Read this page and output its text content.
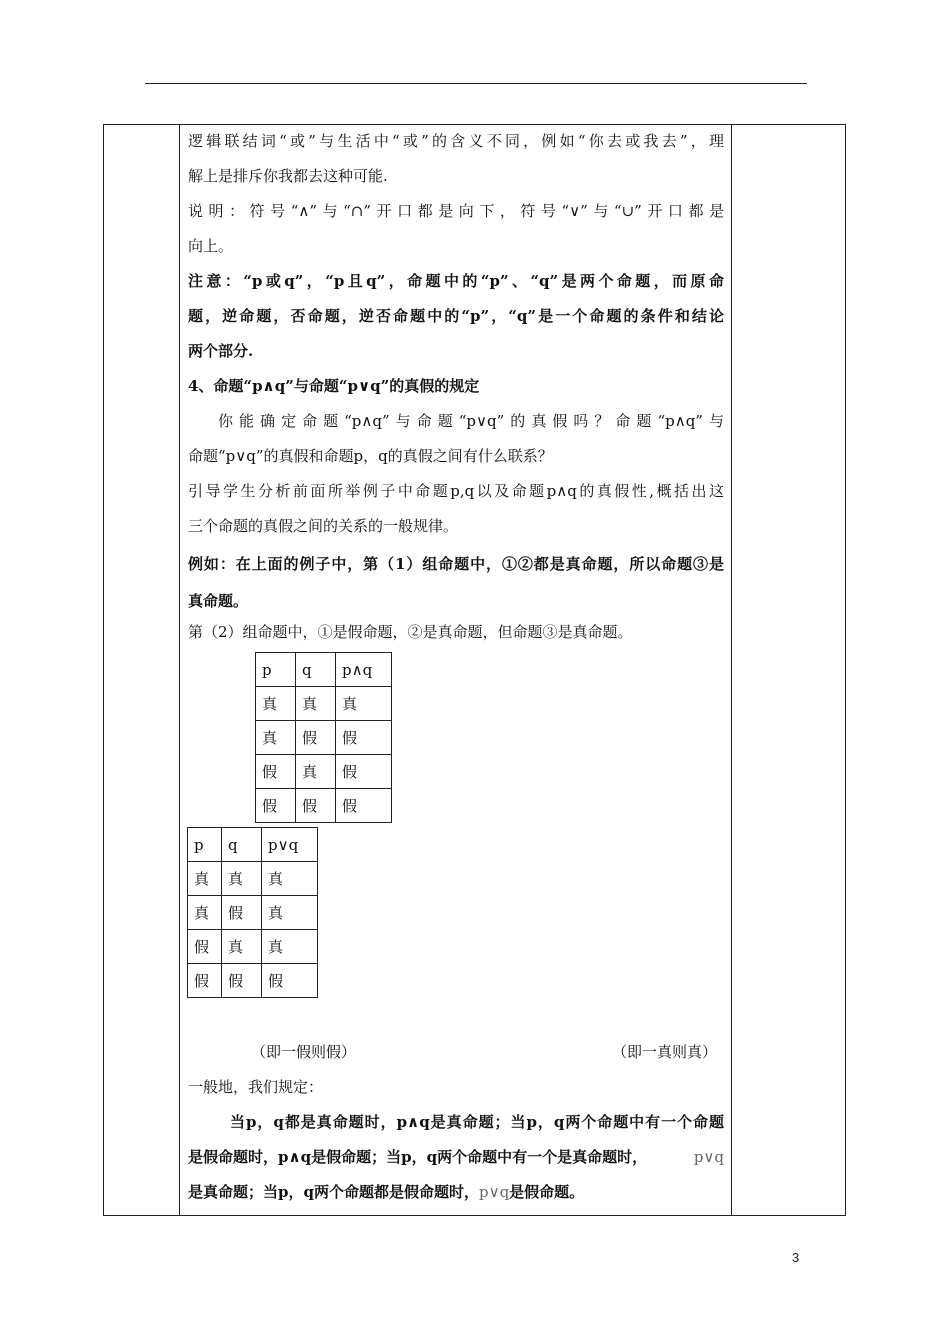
逻辑联结词“或”与生活中“或”的含义不同，例如“你去或我去”，理
解上是排斥你我都去这种可能.
说明：符号“∧”与“∩”开口都是向下，符号“∨”与“∪”开口都是
向上。
注意：“p或q”，“p且q”，命题中的“p”、“q”是两个命题，而原命
题，逆命题，否命题，逆否命题中的“p”，“q”是一个命题的条件和结论
两个部分.
4、命题“p∧q”与命题“p∨q”的真假的规定
你能确定命题“p∧q”与命题“p∨q”的真假吗？命题“p∧q”与
命题“p∨q”的真假和命题p，q的真假之间有什么联系？
引导学生分析前面所举例子中命题p,q以及命题p∧q的真假性,概括出这
三个命题的真假之间的关系的一般规律。
例如：在上面的例子中，第（1）组命题中，①②都是真命题，所以命题③是
真命题。
第（2）组命题中，①是假命题，②是真命题，但命题③是真命题。
p	q	p∧q
真	真	真
真	假	假
假	真	假
假	假	假
p	q	p∨q
真	真	真
真	假	真
假	真	真
假	假	假
（即一假则假）	（即一真则真）
一般地，我们规定：
当p，q都是真命题时，p∧q是真命题；当p，q两个命题中有一个命题
是假命题时，p∧q是假命题；当p，q两个命题中有一个是真命题时，	p∨q
是真命题；当p，q两个命题都是假命题时，p∨q是假命题。
3
